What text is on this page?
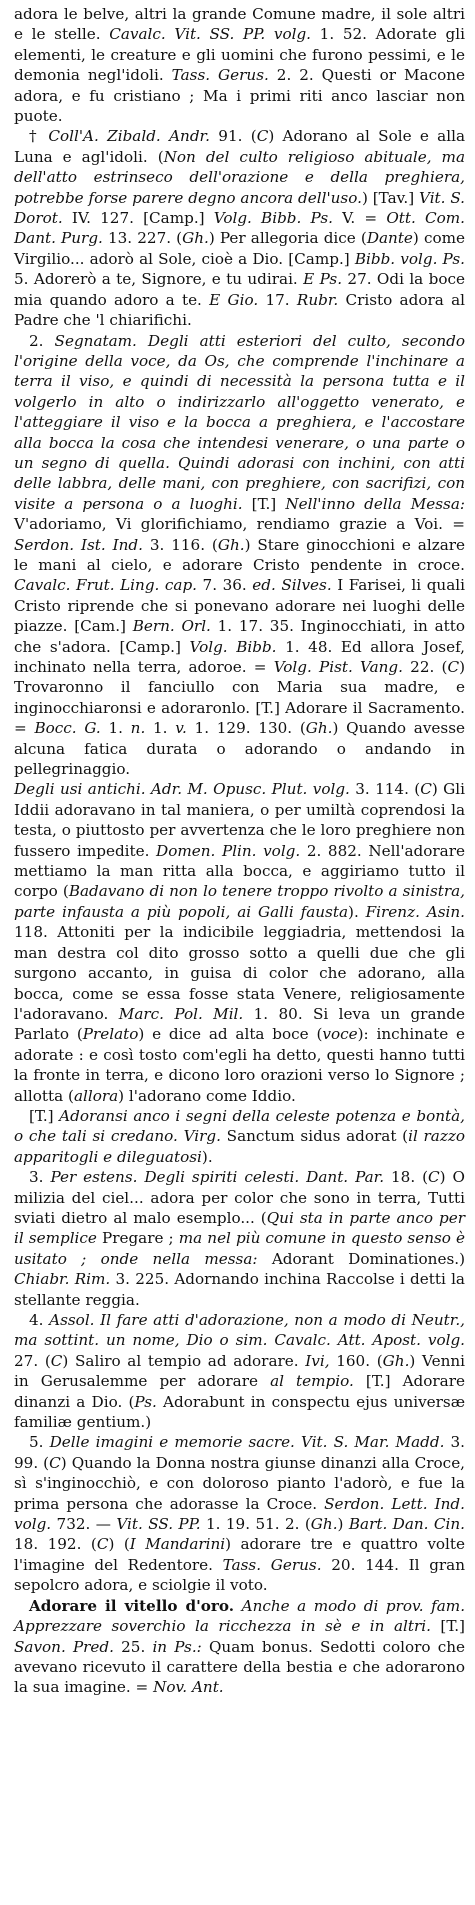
adora le belve, altri la grande Comune madre, il sole altri e le stelle. Cavalc. Vit. SS. PP. volg. 1. 52. Adorate gli elementi, le creature e gli uomini che furono pessimi, e le demonia negl'idoli. Tass. Gerus. 2. 2. Questi or Macone adora, e fu cristiano ; Ma i primi riti anco lasciar non puote.

† Coll'A. Zibald. Andr. 91. (C) Adorano al Sole e alla Luna e agl'idoli. (Non del culto religioso abituale, ma dell'atto estrinseco dell'orazione e della preghiera, potrebbe forse parere degno ancora dell'uso.) [Tav.] Vit. S. Dorot. IV. 127. [Camp.] Volg. Bibb. Ps. V. = Ott. Com. Dant. Purg. 13. 227. (Gh.) Per allegoria dice (Dante) come Virgilio... adorò al Sole, cioè a Dio. [Camp.] Bibb. volg. Ps. 5. Adorerò a te, Signore, e tu udirai. E Ps. 27. Odi la boce mia quando adoro a te. E Gio. 17. Rubr. Cristo adora al Padre che 'l chiarifichi.

2. Segnatam. Degli atti esteriori del culto, secondo l'origine della voce, da Os, che comprende l'inchinare a terra il viso, e quindi di necessità la persona tutta e il volgerlo in alto o indirizzarlo all'oggetto venerato, e l'atteggiare il viso e la bocca a preghiera, e l'accostare alla bocca la cosa che intendesi venerare, o una parte o un segno di quella. Quindi adorasi con inchini, con atti delle labbra, delle mani, con preghiere, con sacrifizi, con visite a persona o a luoghi. [T.] Nell'inno della Messa: V'adoriamo, Vi glorifichiamo, rendiamo grazie a Voi. = Serdon. Ist. Ind. 3. 116. (Gh.) Stare ginocchioni e alzare le mani al cielo, e adorare Cristo pendente in croce. Cavalc. Frut. Ling. cap. 7. 36. ed. Silves. I Farisei, li quali Cristo riprende che si ponevano adorare nei luoghi delle piazze. [Cam.] Bern. Orl. 1. 17. 35. Inginocchiati, in atto che s'adora. [Camp.] Volg. Bibb. 1. 48. Ed allora Josef, inchinato nella terra, adoroe. = Volg. Pist. Vang. 22. (C) Trovaronno il fanciullo con Maria sua madre, e inginocchiaronsi e adoraronlo. [T.] Adorare il Sacramento. = Bocc. G. 1. n. 1. v. 1. 129. 130. (Gh.) Quando avesse alcuna fatica durata o adorando o andando in pellegrinaggio.

Degli usi antichi. Adr. M. Opusc. Plut. volg. 3. 114. (C) Gli Iddii adoravano in tal maniera, o per umiltà coprendosi la testa, o piuttosto per avvertenza che le loro preghiere non fussero impedite. Domen. Plin. volg. 2. 882. Nell'adorare mettiamo la man ritta alla bocca, e aggiriamo tutto il corpo (Badavano di non lo tenere troppo rivolto a sinistra, parte infausta a più popoli, ai Galli fausta). Firenz. Asin. 118. Attoniti per la indicibile leggiadria, mettendosi la man destra col dito grosso sotto a quelli due che gli surgono accanto, in guisa di color che adorano, alla bocca, come se essa fosse stata Venere, religiosamente l'adoravano. Marc. Pol. Mil. 1. 80. Si leva un grande Parlato (Prelato) e dice ad alta boce (voce): inchinate e adorate : e così tosto com'egli ha detto, questi hanno tutti la fronte in terra, e dicono loro orazioni verso lo Signore ; allotta (allora) l'adorano come Iddio.

[T.] Adoransi anco i segni della celeste potenza e bontà, o che tali si credano. Virg. Sanctum sidus adorat (il razzo apparitogli e dileguatosi).

3. Per estens. Degli spiriti celesti. Dant. Par. 18. (C) O milizia del ciel... adora per color che sono in terra, Tutti sviati dietro al malo esemplo... (Qui sta in parte anco per il semplice Pregare ; ma nel più comune in questo senso è usitato ; onde nella messa: Adorant Dominationes.) Chiabr. Rim. 3. 225. Adornando inchina Raccolse i detti la stellante reggia.

4. Assol. Il fare atti d'adorazione, non a modo di Neutr., ma sottint. un nome, Dio o sim. Cavalc. Att. Apost. volg. 27. (C) Saliro al tempio ad adorare. Ivi, 160. (Gh.) Venni in Gerusalemme per adorare al tempio. [T.] Adorare dinanzi a Dio. (Ps. Adorabunt in conspectu ejus universæ familiæ gentium.)

5. Delle imagini e memorie sacre. Vit. S. Mar. Madd. 3. 99. (C) Quando la Donna nostra giunse dinanzi alla Croce, sì s'inginocchiò, e con doloroso pianto l'adorò, e fue la prima persona che adorasse la Croce. Serdon. Lett. Ind. volg. 732. — Vit. SS. PP. 1. 19. 51. 2. (Gh.) Bart. Dan. Cin. 18. 192. (C) (I Mandarini) adorare tre e quattro volte l'imagine del Redentore. Tass. Gerus. 20. 144. Il gran sepolcro adora, e sciolgie il voto.

Adorare il vitello d'oro. Anche a modo di prov. fam. Apprezzare soverchio la ricchezza in sè e in altri. [T.] Savon. Pred. 25. in Ps.: Quam bonus. Sedotti coloro che avevano ricevuto il carattere della bestia e che adorarono la sua imagine. = Nov. Ant.
